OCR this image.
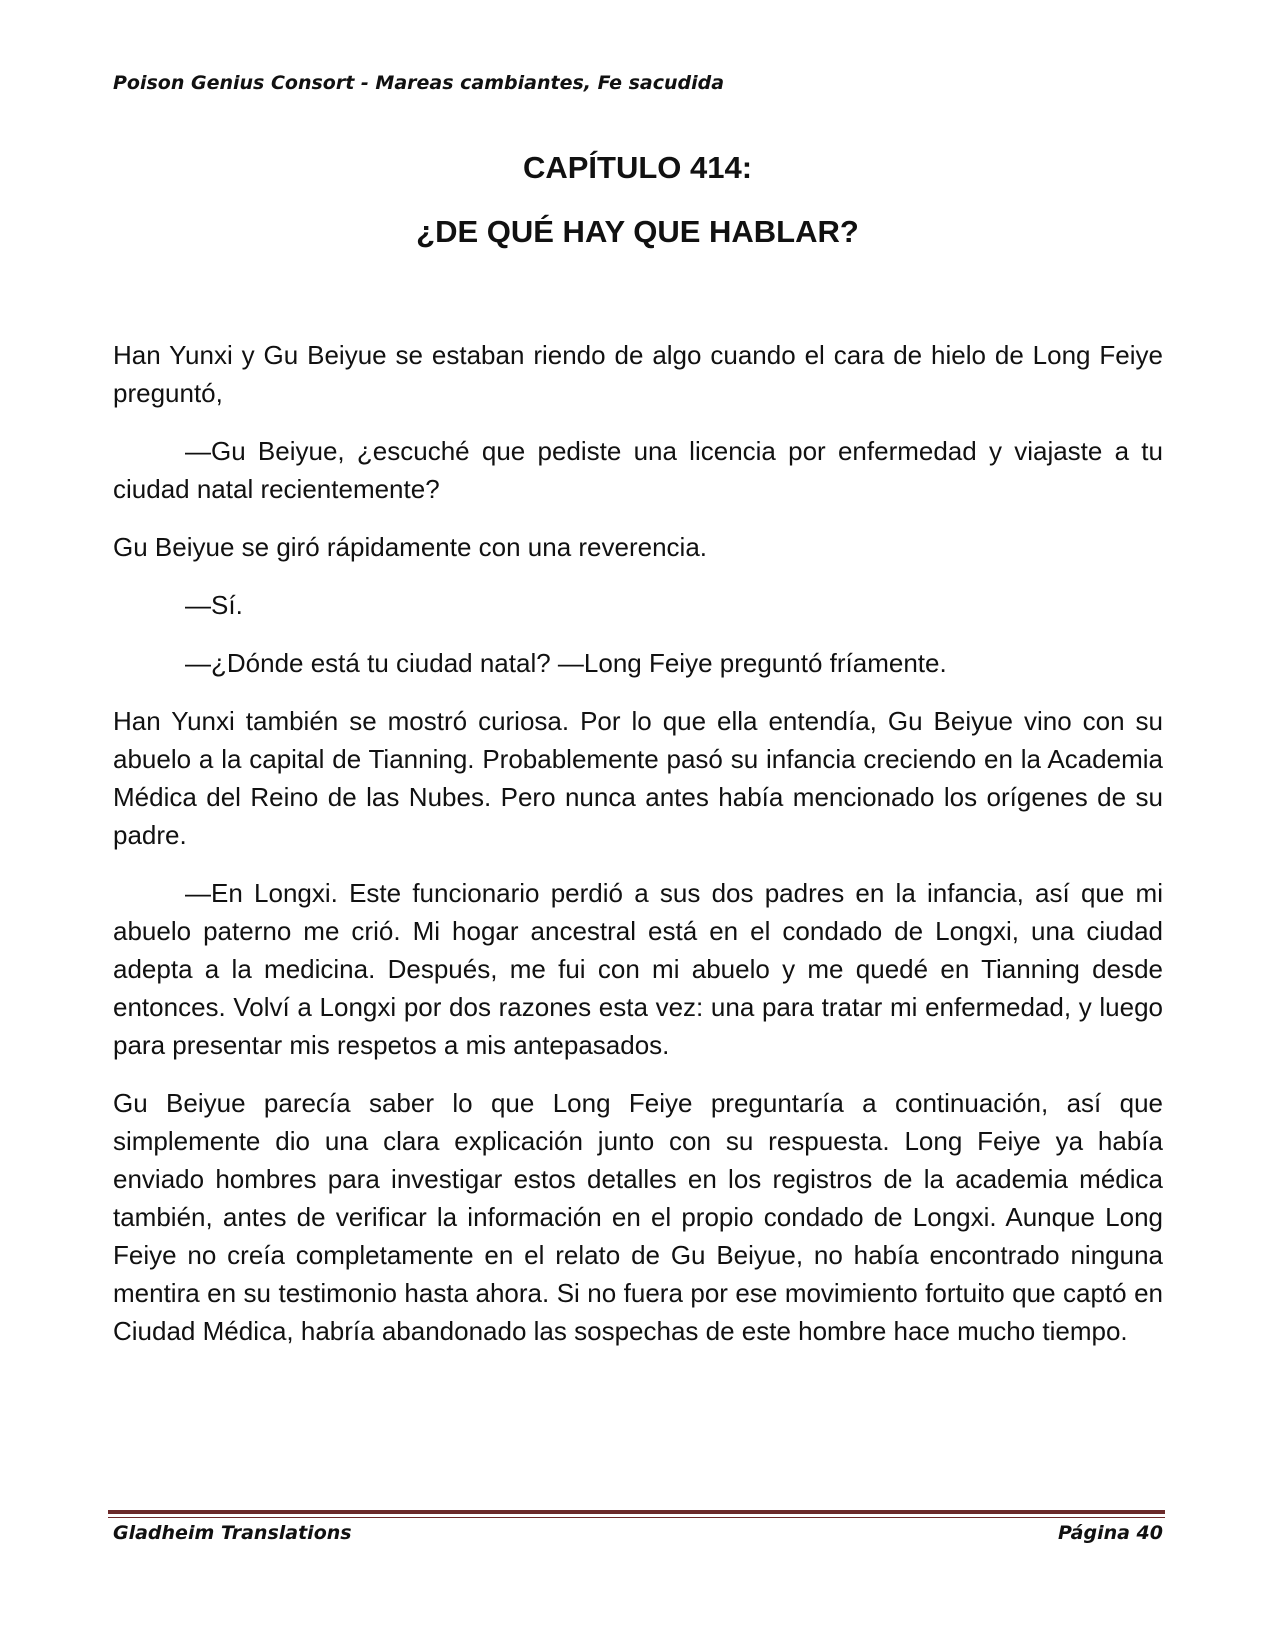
Poison Genius Consort - Mareas cambiantes, Fe sacudida
CAPÍTULO 414:
¿DE QUÉ HAY QUE HABLAR?

Han Yunxi y Gu Beiyue se estaban riendo de algo cuando el cara de hielo de Long Feiye preguntó,

—Gu Beiyue, ¿escuché que pediste una licencia por enfermedad y viajaste a tu ciudad natal recientemente?

Gu Beiyue se giró rápidamente con una reverencia.

—Sí.

—¿Dónde está tu ciudad natal? —Long Feiye preguntó fríamente.

Han Yunxi también se mostró curiosa. Por lo que ella entendía, Gu Beiyue vino con su abuelo a la capital de Tianning. Probablemente pasó su infancia creciendo en la Academia Médica del Reino de las Nubes. Pero nunca antes había mencionado los orígenes de su padre.

—En Longxi. Este funcionario perdió a sus dos padres en la infancia, así que mi abuelo paterno me crió. Mi hogar ancestral está en el condado de Longxi, una ciudad adepta a la medicina. Después, me fui con mi abuelo y me quedé en Tianning desde entonces. Volví a Longxi por dos razones esta vez: una para tratar mi enfermedad, y luego para presentar mis respetos a mis antepasados.

Gu Beiyue parecía saber lo que Long Feiye preguntaría a continuación, así que simplemente dio una clara explicación junto con su respuesta. Long Feiye ya había enviado hombres para investigar estos detalles en los registros de la academia médica también, antes de verificar la información en el propio condado de Longxi. Aunque Long Feiye no creía completamente en el relato de Gu Beiyue, no había encontrado ninguna mentira en su testimonio hasta ahora. Si no fuera por ese movimiento fortuito que captó en Ciudad Médica, habría abandonado las sospechas de este hombre hace mucho tiempo.

Gladheim Translations	Página 40
